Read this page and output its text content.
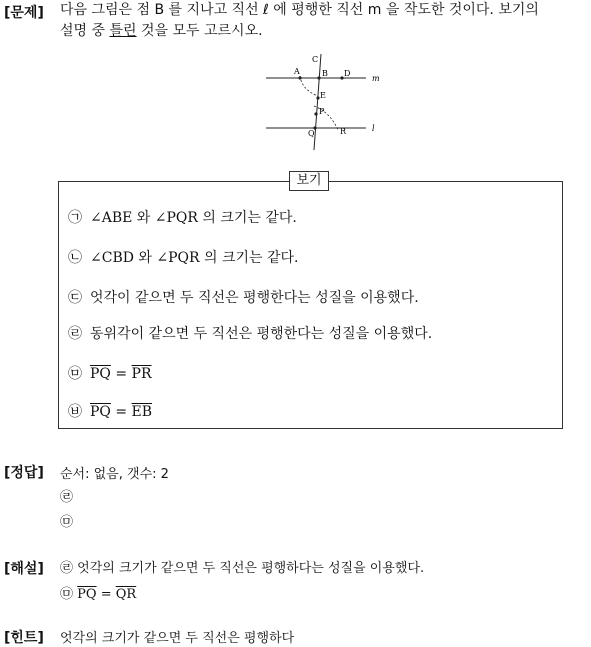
[문제] 다음 그림은 점 B 를 지나고 직선 ℓ 에 평행한 직선 m 을 작도한 것이다. 보기의
설명 중 틀린 것을 모두 고르시오.
C
A	B D
E
P
Q	R
m
l
보기
㉠ ∠ABE 와 ∠PQR 의 크기는 같다.
㉡ ∠CBD 와 ∠PQR 의 크기는 같다.
㉢ 엇각이 같으면 두 직선은 평행한다는 성질을 이용했다.
㉣ 동위각이 같으면 두 직선은 평행한다는 성질을 이용했다.
㉤ $\overline{PQ} = \overline{PR}$
㉥ $\overline{PQ} = \overline{EB}$
[정답] 순서: 없음, 갯수: 2
㉣
㉤
[해설] ㉣ 엇각의 크기가 같으면 두 직선은 평행하다는 성질을 이용했다.
㉤ $\overline{PQ} = \overline{QR}$
[힌트] 엇각의 크기가 같으면 두 직선은 평행하다
